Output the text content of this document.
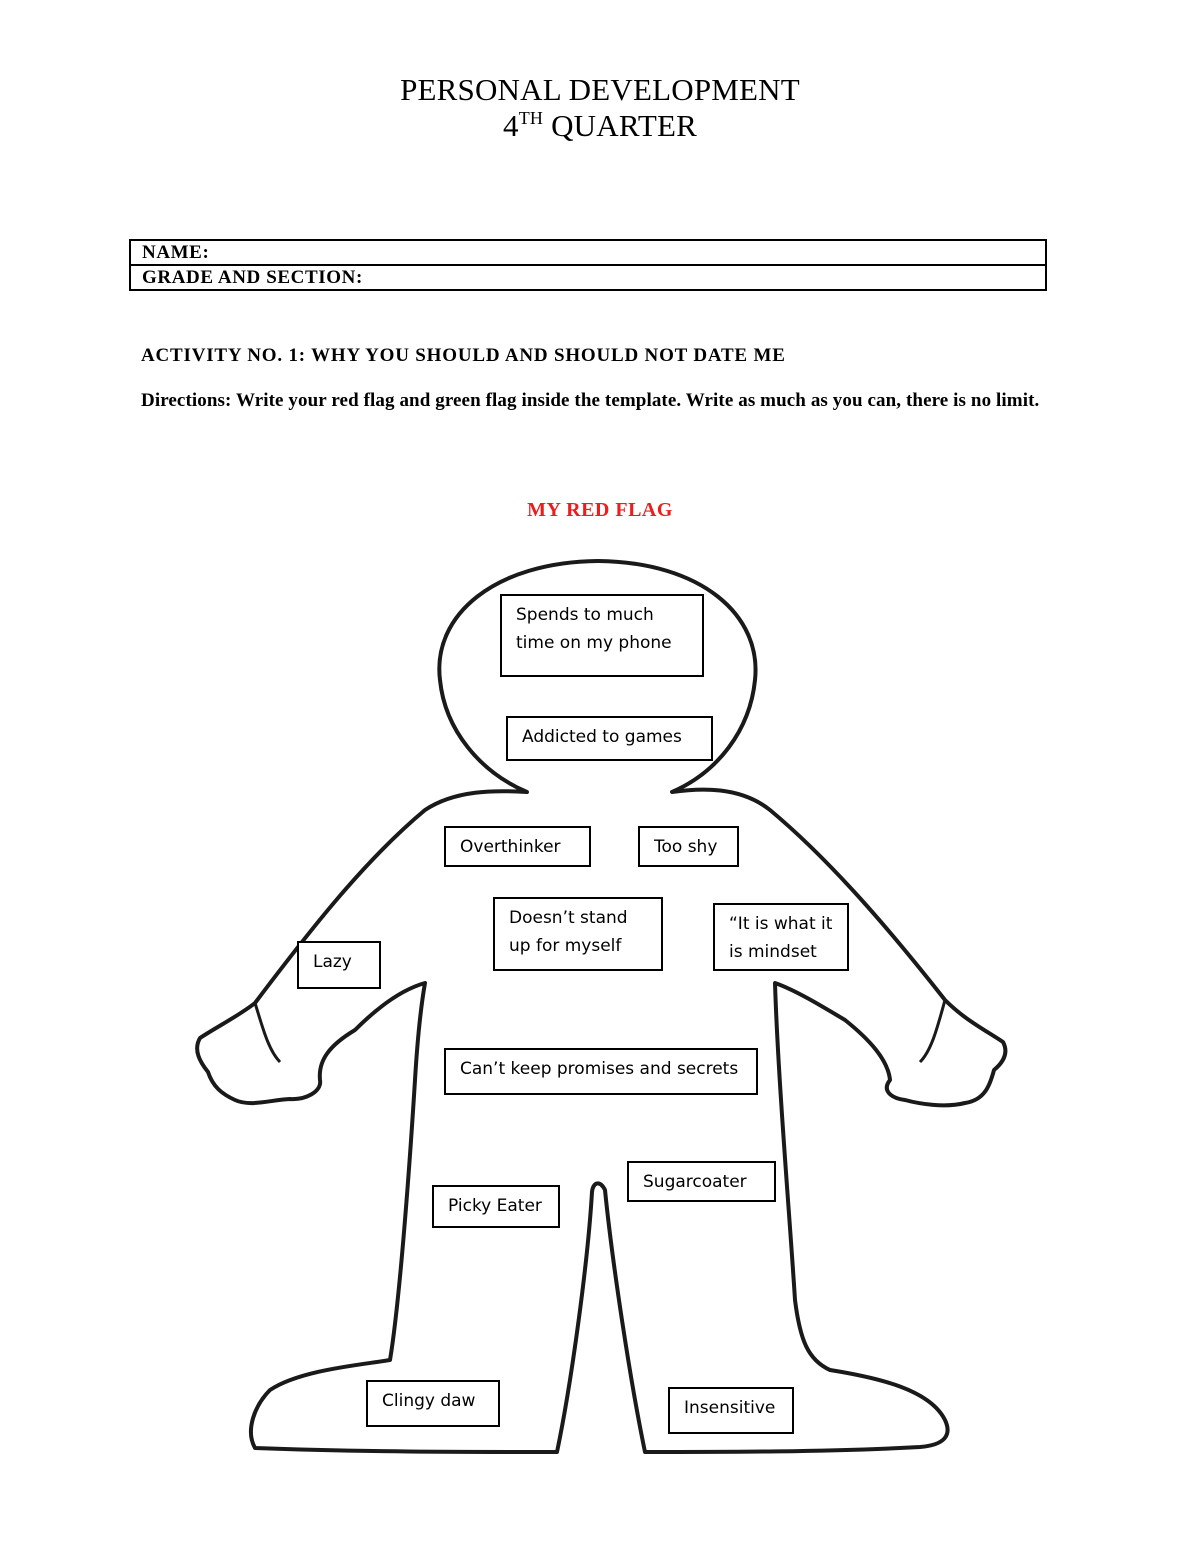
PERSONAL DEVELOPMENT
4TH QUARTER
NAME:
GRADE AND SECTION:
ACTIVITY NO. 1: WHY YOU SHOULD AND SHOULD NOT DATE ME
Directions: Write your red flag and green flag inside the template. Write as much as you can, there is no limit.
MY RED FLAG
Spends to much
time on my phone
Addicted to games
Overthinker	Too shy
Doesn’t stand
up for myself
“It is what it
is mindset
Lazy
Can’t keep promises and secrets
Sugarcoater
Picky Eater
Clingy daw	Insensitive
